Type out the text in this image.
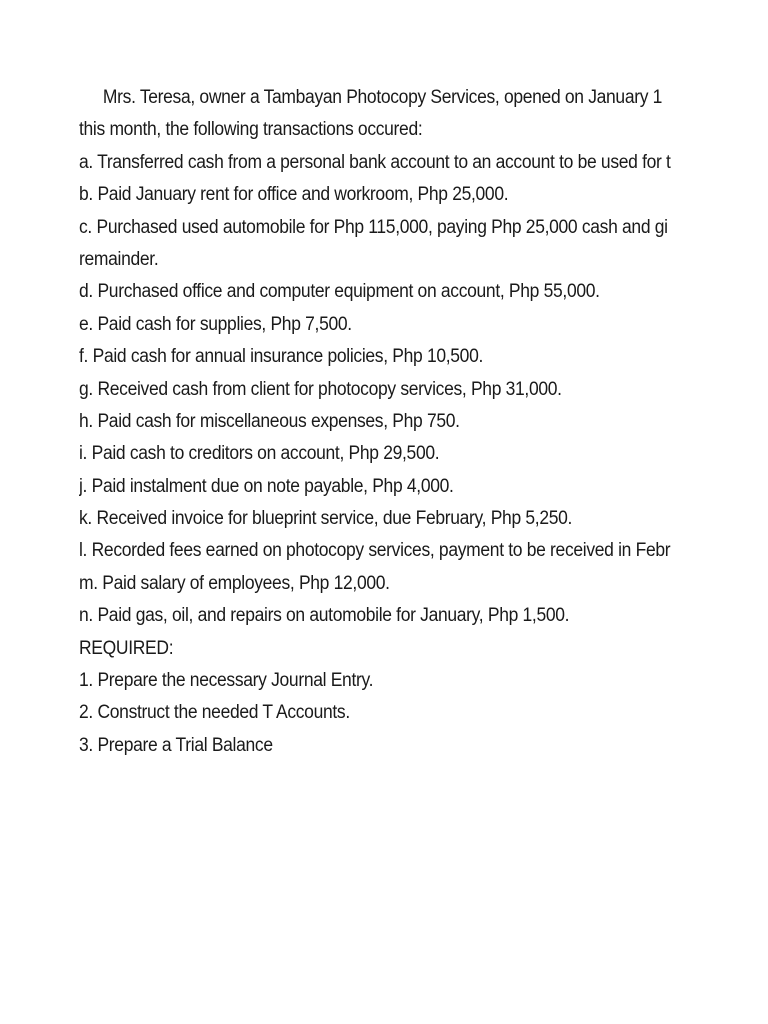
Mrs. Teresa, owner a Tambayan Photocopy Services, opened on January 1
this month, the following transactions occured:
a. Transferred cash from a personal bank account to an account to be used for t
b. Paid January rent for office and workroom, Php 25,000.
c. Purchased used automobile for Php 115,000, paying Php 25,000 cash and gi
remainder.
d. Purchased office and computer equipment on account, Php 55,000.
e. Paid cash for supplies, Php 7,500.
f. Paid cash for annual insurance policies, Php 10,500.
g. Received cash from client for photocopy services, Php 31,000.
h. Paid cash for miscellaneous expenses, Php 750.
i. Paid cash to creditors on account, Php 29,500.
j. Paid instalment due on note payable, Php 4,000.
k. Received invoice for blueprint service, due February, Php 5,250.
l. Recorded fees earned on photocopy services, payment to be received in Febr
m. Paid salary of employees, Php 12,000.
n. Paid gas, oil, and repairs on automobile for January, Php 1,500.
REQUIRED:
1. Prepare the necessary Journal Entry.
2. Construct the needed T Accounts.
3. Prepare a Trial Balance
